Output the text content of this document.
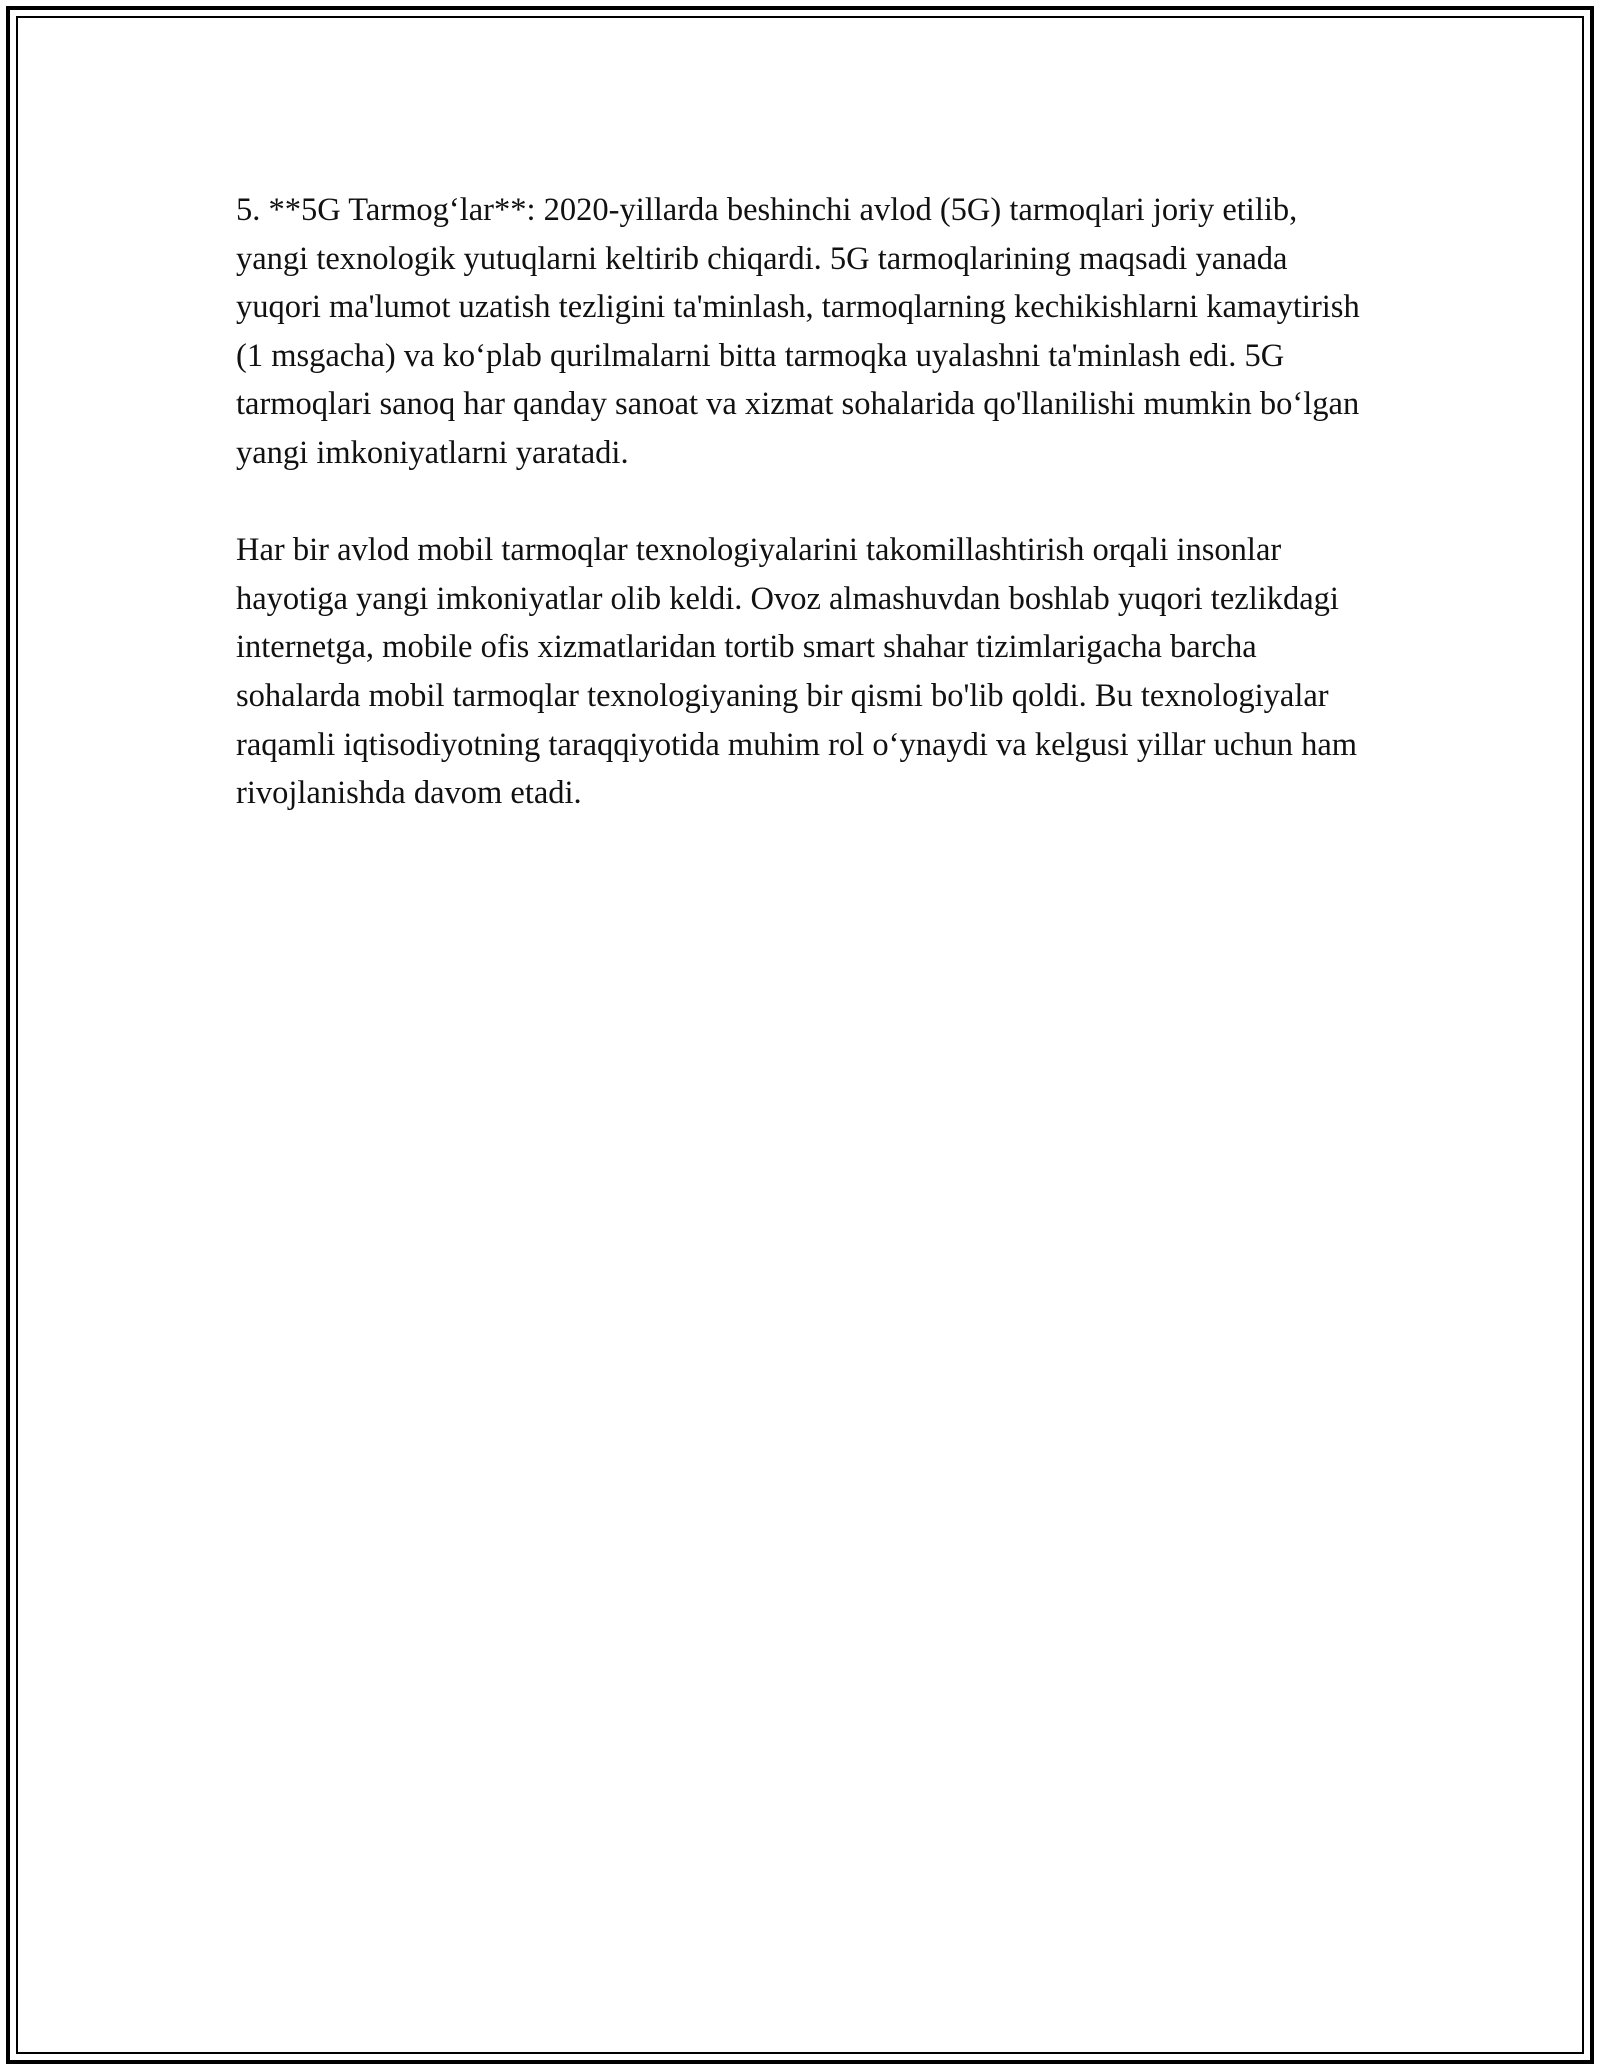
5. **5G Tarmog‘lar**: 2020-yillarda beshinchi avlod (5G) tarmoqlari joriy etilib, yangi texnologik yutuqlarni keltirib chiqardi. 5G tarmoqlarining maqsadi yanada yuqori ma'lumot uzatish tezligini ta'minlash, tarmoqlarning kechikishlarni kamaytirish (1 msgacha) va ko‘plab qurilmalarni bitta tarmoqka uyalashni ta'minlash edi. 5G tarmoqlari sanoq har qanday sanoat va xizmat sohalarida qo'llanilishi mumkin bo‘lgan yangi imkoniyatlarni yaratadi.

Har bir avlod mobil tarmoqlar texnologiyalarini takomillashtirish orqali insonlar hayotiga yangi imkoniyatlar olib keldi. Ovoz almashuvdan boshlab yuqori tezlikdagi internetga, mobile ofis xizmatlaridan tortib smart shahar tizimlarigacha barcha sohalarda mobil tarmoqlar texnologiyaning bir qismi bo'lib qoldi. Bu texnologiyalar raqamli iqtisodiyotning taraqqiyotida muhim rol o‘ynaydi va kelgusi yillar uchun ham rivojlanishda davom etadi.
